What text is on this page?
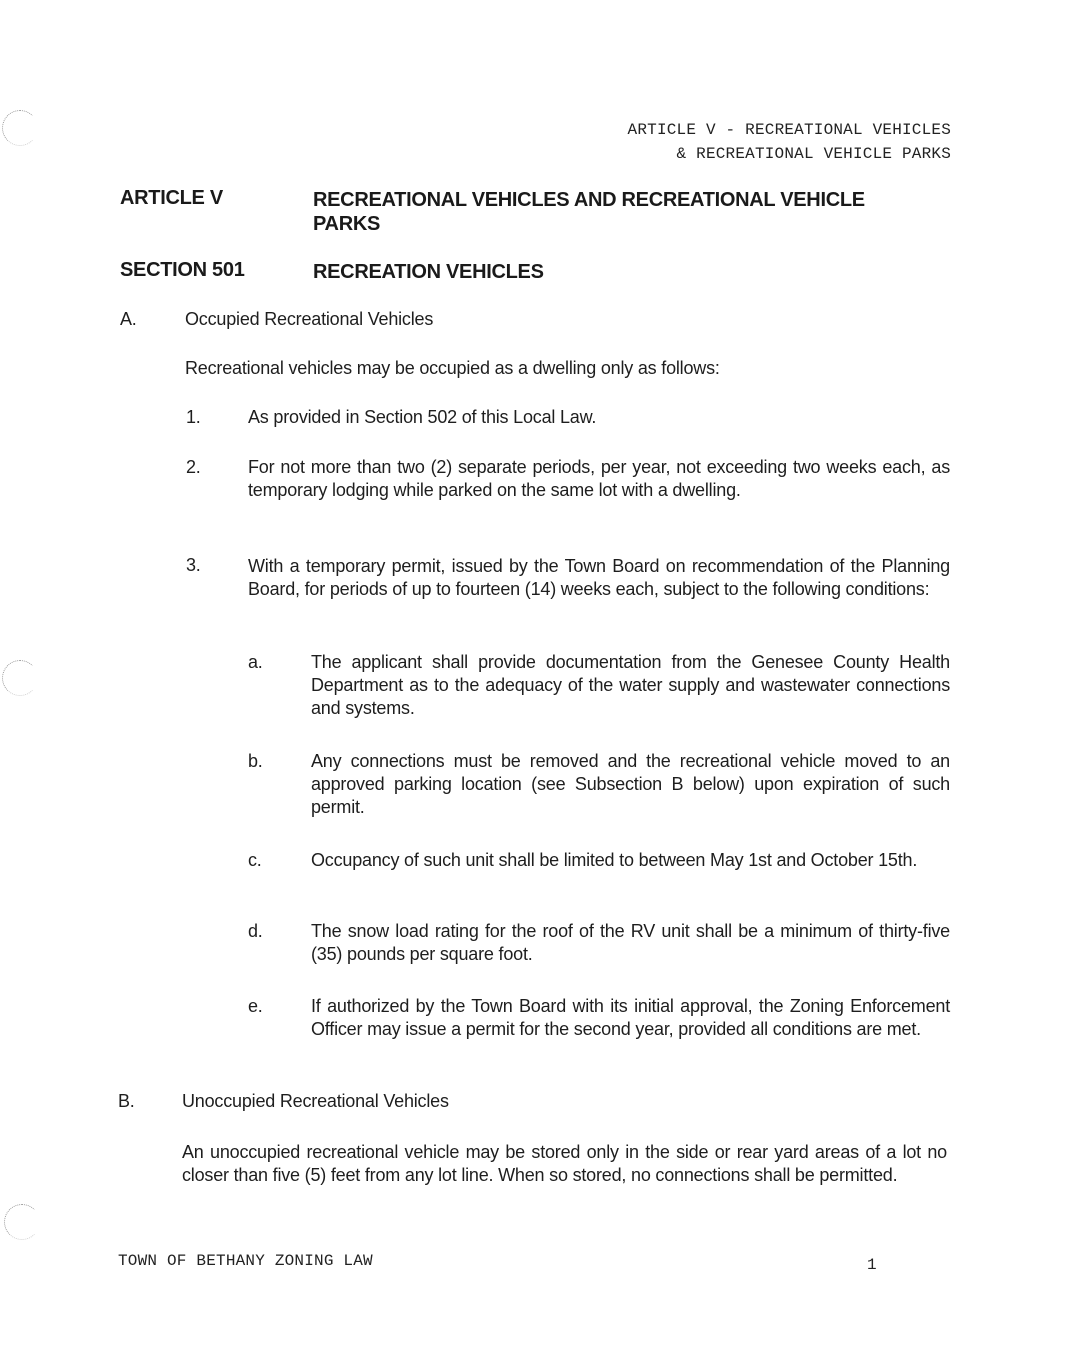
ARTICLE V - RECREATIONAL VEHICLES
& RECREATIONAL VEHICLE PARKS
ARTICLE V	RECREATIONAL VEHICLES AND RECREATIONAL VEHICLE
PARKS
SECTION 501	RECREATION VEHICLES
A.	Occupied Recreational Vehicles
Recreational vehicles may be occupied as a dwelling only as follows:
1.	As provided in Section 502 of this Local Law.
2.	For not more than two (2) separate periods, per year, not exceeding two weeks each, as temporary lodging while parked on the same lot with a dwelling.
3.	With a temporary permit, issued by the Town Board on recommendation of the Planning Board, for periods of up to fourteen (14) weeks each, subject to the following conditions:
a.	The applicant shall provide documentation from the Genesee County Health Department as to the adequacy of the water supply and wastewater connections and systems.
b.	Any connections must be removed and the recreational vehicle moved to an approved parking location (see Subsection B below) upon expiration of such permit.
c.	Occupancy of such unit shall be limited to between May 1st and October 15th.
d.	The snow load rating for the roof of the RV unit shall be a minimum of thirty-five (35) pounds per square foot.
e.	If authorized by the Town Board with its initial approval, the Zoning Enforcement Officer may issue a permit for the second year, provided all conditions are met.
B.	Unoccupied Recreational Vehicles
An unoccupied recreational vehicle may be stored only in the side or rear yard areas of a lot no closer than five (5) feet from any lot line. When so stored, no connections shall be permitted.
TOWN OF BETHANY ZONING LAW	1
